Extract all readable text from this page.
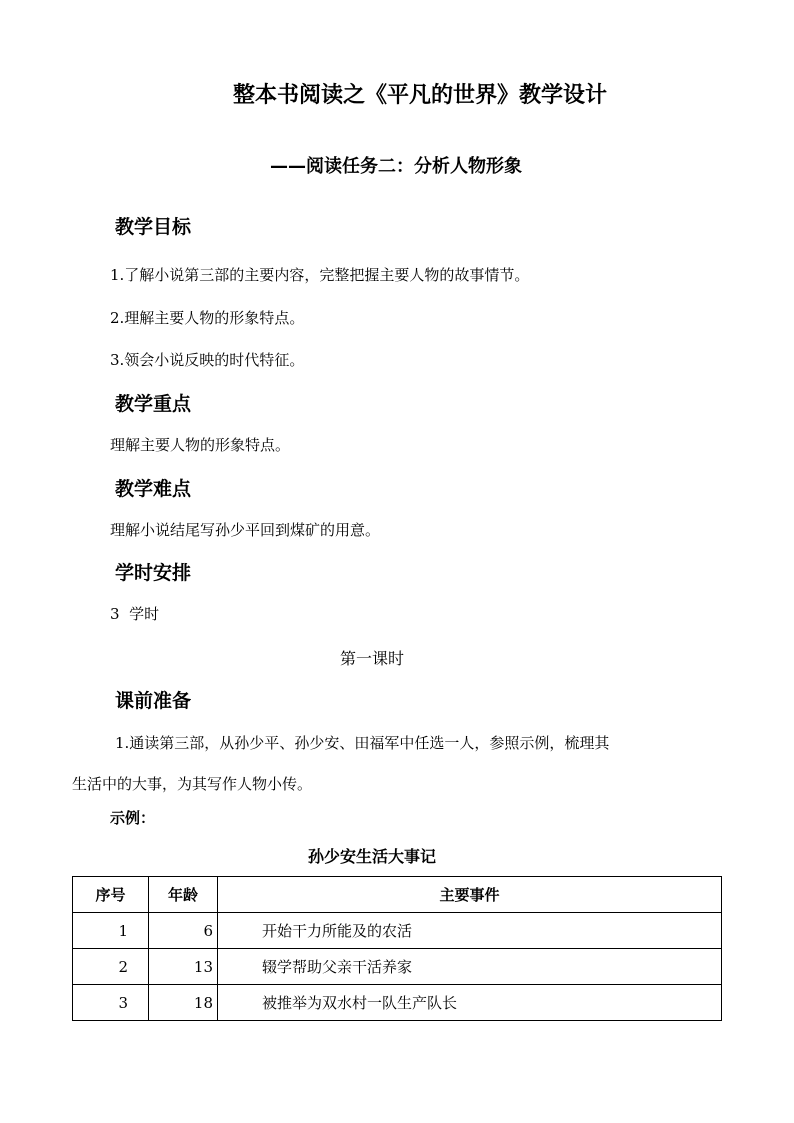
整本书阅读之《平凡的世界》教学设计
——阅读任务二：分析人物形象
教学目标
1.了解小说第三部的主要内容，完整把握主要人物的故事情节。
2.理解主要人物的形象特点。
3.领会小说反映的时代特征。
教学重点
理解主要人物的形象特点。
教学难点
理解小说结尾写孙少平回到煤矿的用意。
学时安排
3  学时
第一课时
课前准备
1.通读第三部，从孙少平、孙少安、田福军中任选一人，参照示例，梳理其
生活中的大事，为其写作人物小传。
示例：
孙少安生活大事记
序号	年龄	主要事件
1	6	开始干力所能及的农活
2	13	辍学帮助父亲干活养家
3	18	被推举为双水村一队生产队长
